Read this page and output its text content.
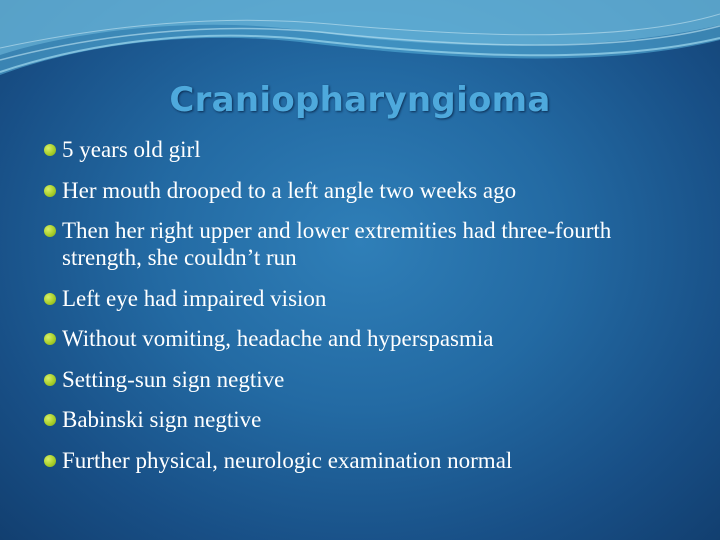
Craniopharyngioma
5 years old girl
Her mouth drooped to a left angle two weeks ago
Then her right upper and lower extremities had three-fourth strength, she couldn’t run
Left eye had impaired vision
Without vomiting, headache and hyperspasmia
Setting-sun sign negtive
Babinski sign negtive
Further physical, neurologic examination normal
